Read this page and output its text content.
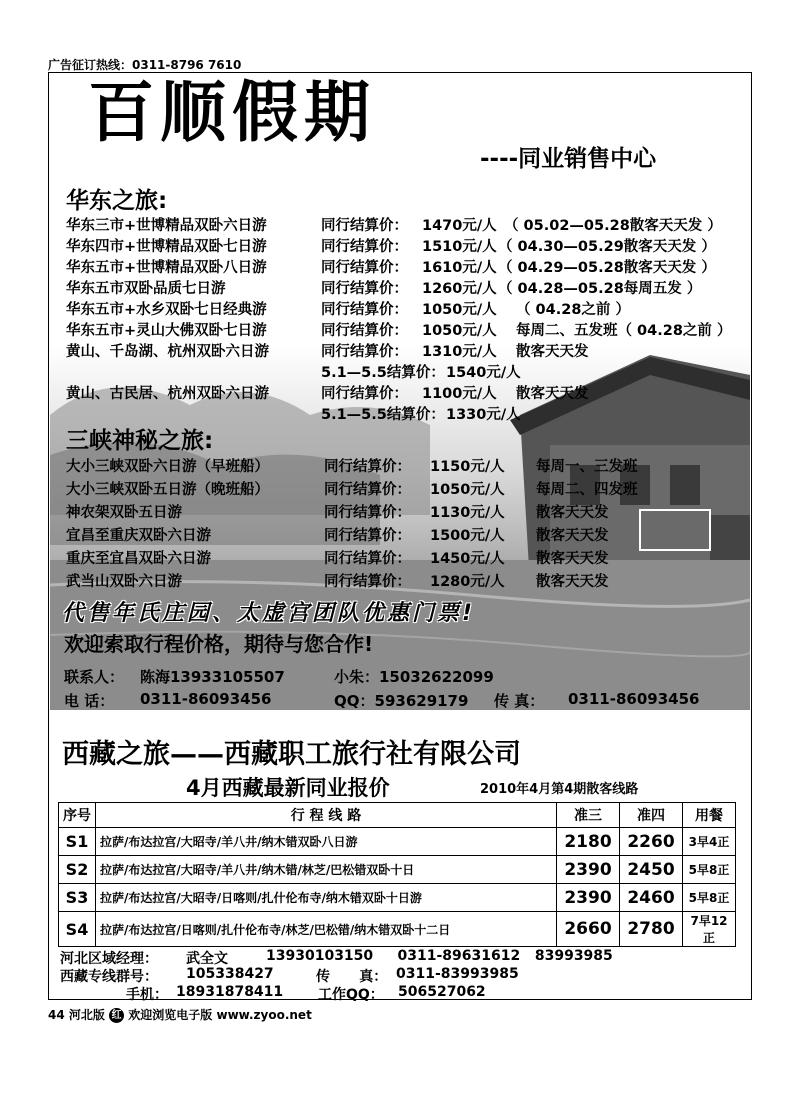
广告征订热线：0311-8796 7610
百顺假期
----同业销售中心
华东之旅:
华东三市+世博精品双卧六日游	同行结算价： 1470元/人 （ 05.02—05.28散客天天发 ）
华东四市+世博精品双卧七日游	同行结算价： 1510元/人 （ 04.30—05.29散客天天发 ）
华东五市+世博精品双卧八日游	同行结算价： 1610元/人 （ 04.29—05.28散客天天发 ）
华东五市双卧品质七日游	同行结算价： 1260元/人 （ 04.28—05.28每周五发 ）
华东五市+水乡双卧七日经典游	同行结算价： 1050元/人 （ 04.28之前 ）
华东五市+灵山大佛双卧七日游	同行结算价： 1050元/人 每周二、五发班（ 04.28之前 ）
黄山、千岛湖、杭州双卧六日游	同行结算价： 1310元/人 散客天天发
5.1—5.5结算价： 1540元/人
黄山、古民居、杭州双卧六日游	同行结算价： 1100元/人 散客天天发
5.1—5.5结算价： 1330元/人
三峡神秘之旅:
大小三峡双卧六日游（早班船）	同行结算价： 1150元/人 每周一、三发班
大小三峡双卧五日游（晚班船）	同行结算价： 1050元/人 每周二、四发班
神农架双卧五日游	同行结算价： 1130元/人 散客天天发
宜昌至重庆双卧六日游	同行结算价： 1500元/人 散客天天发
重庆至宜昌双卧六日游	同行结算价： 1450元/人 散客天天发
武当山双卧六日游	同行结算价： 1280元/人 散客天天发
代售年氏庄园、太虚宫团队优惠门票!
欢迎索取行程价格，期待与您合作!
联系人： 陈海13933105507	小朱：15032622099
电 话： 0311-86093456	QQ：593629179 传 真： 0311-86093456
西藏之旅——西藏职工旅行社有限公司
4月西藏最新同业报价	2010年4月第4期散客线路
序号	行 程 线 路	准三	准四	用餐
S1	拉萨/布达拉宫/大昭寺/羊八井/纳木错双卧八日游	2180	2260	3早4正
S2	拉萨/布达拉宫/大昭寺/羊八井/纳木错/林芝/巴松错双卧十日	2390	2450	5早8正
S3	拉萨/布达拉宫/大昭寺/日喀则/扎什伦布寺/纳木错双卧十日游	2390	2460	5早8正
S4	拉萨/布达拉宫/日喀则/扎什伦布寺/林芝/巴松错/纳木错双卧十二日	2660	2780	7早12正
河北区域经理： 武全文	13930103150     0311-89631612   83993985
西藏专线群号： 105338427	传      真： 0311-83993985
手机： 18931878411 工作QQ： 506527062
44 河北版 红 欢迎浏览电子版 www.zyoo.net
